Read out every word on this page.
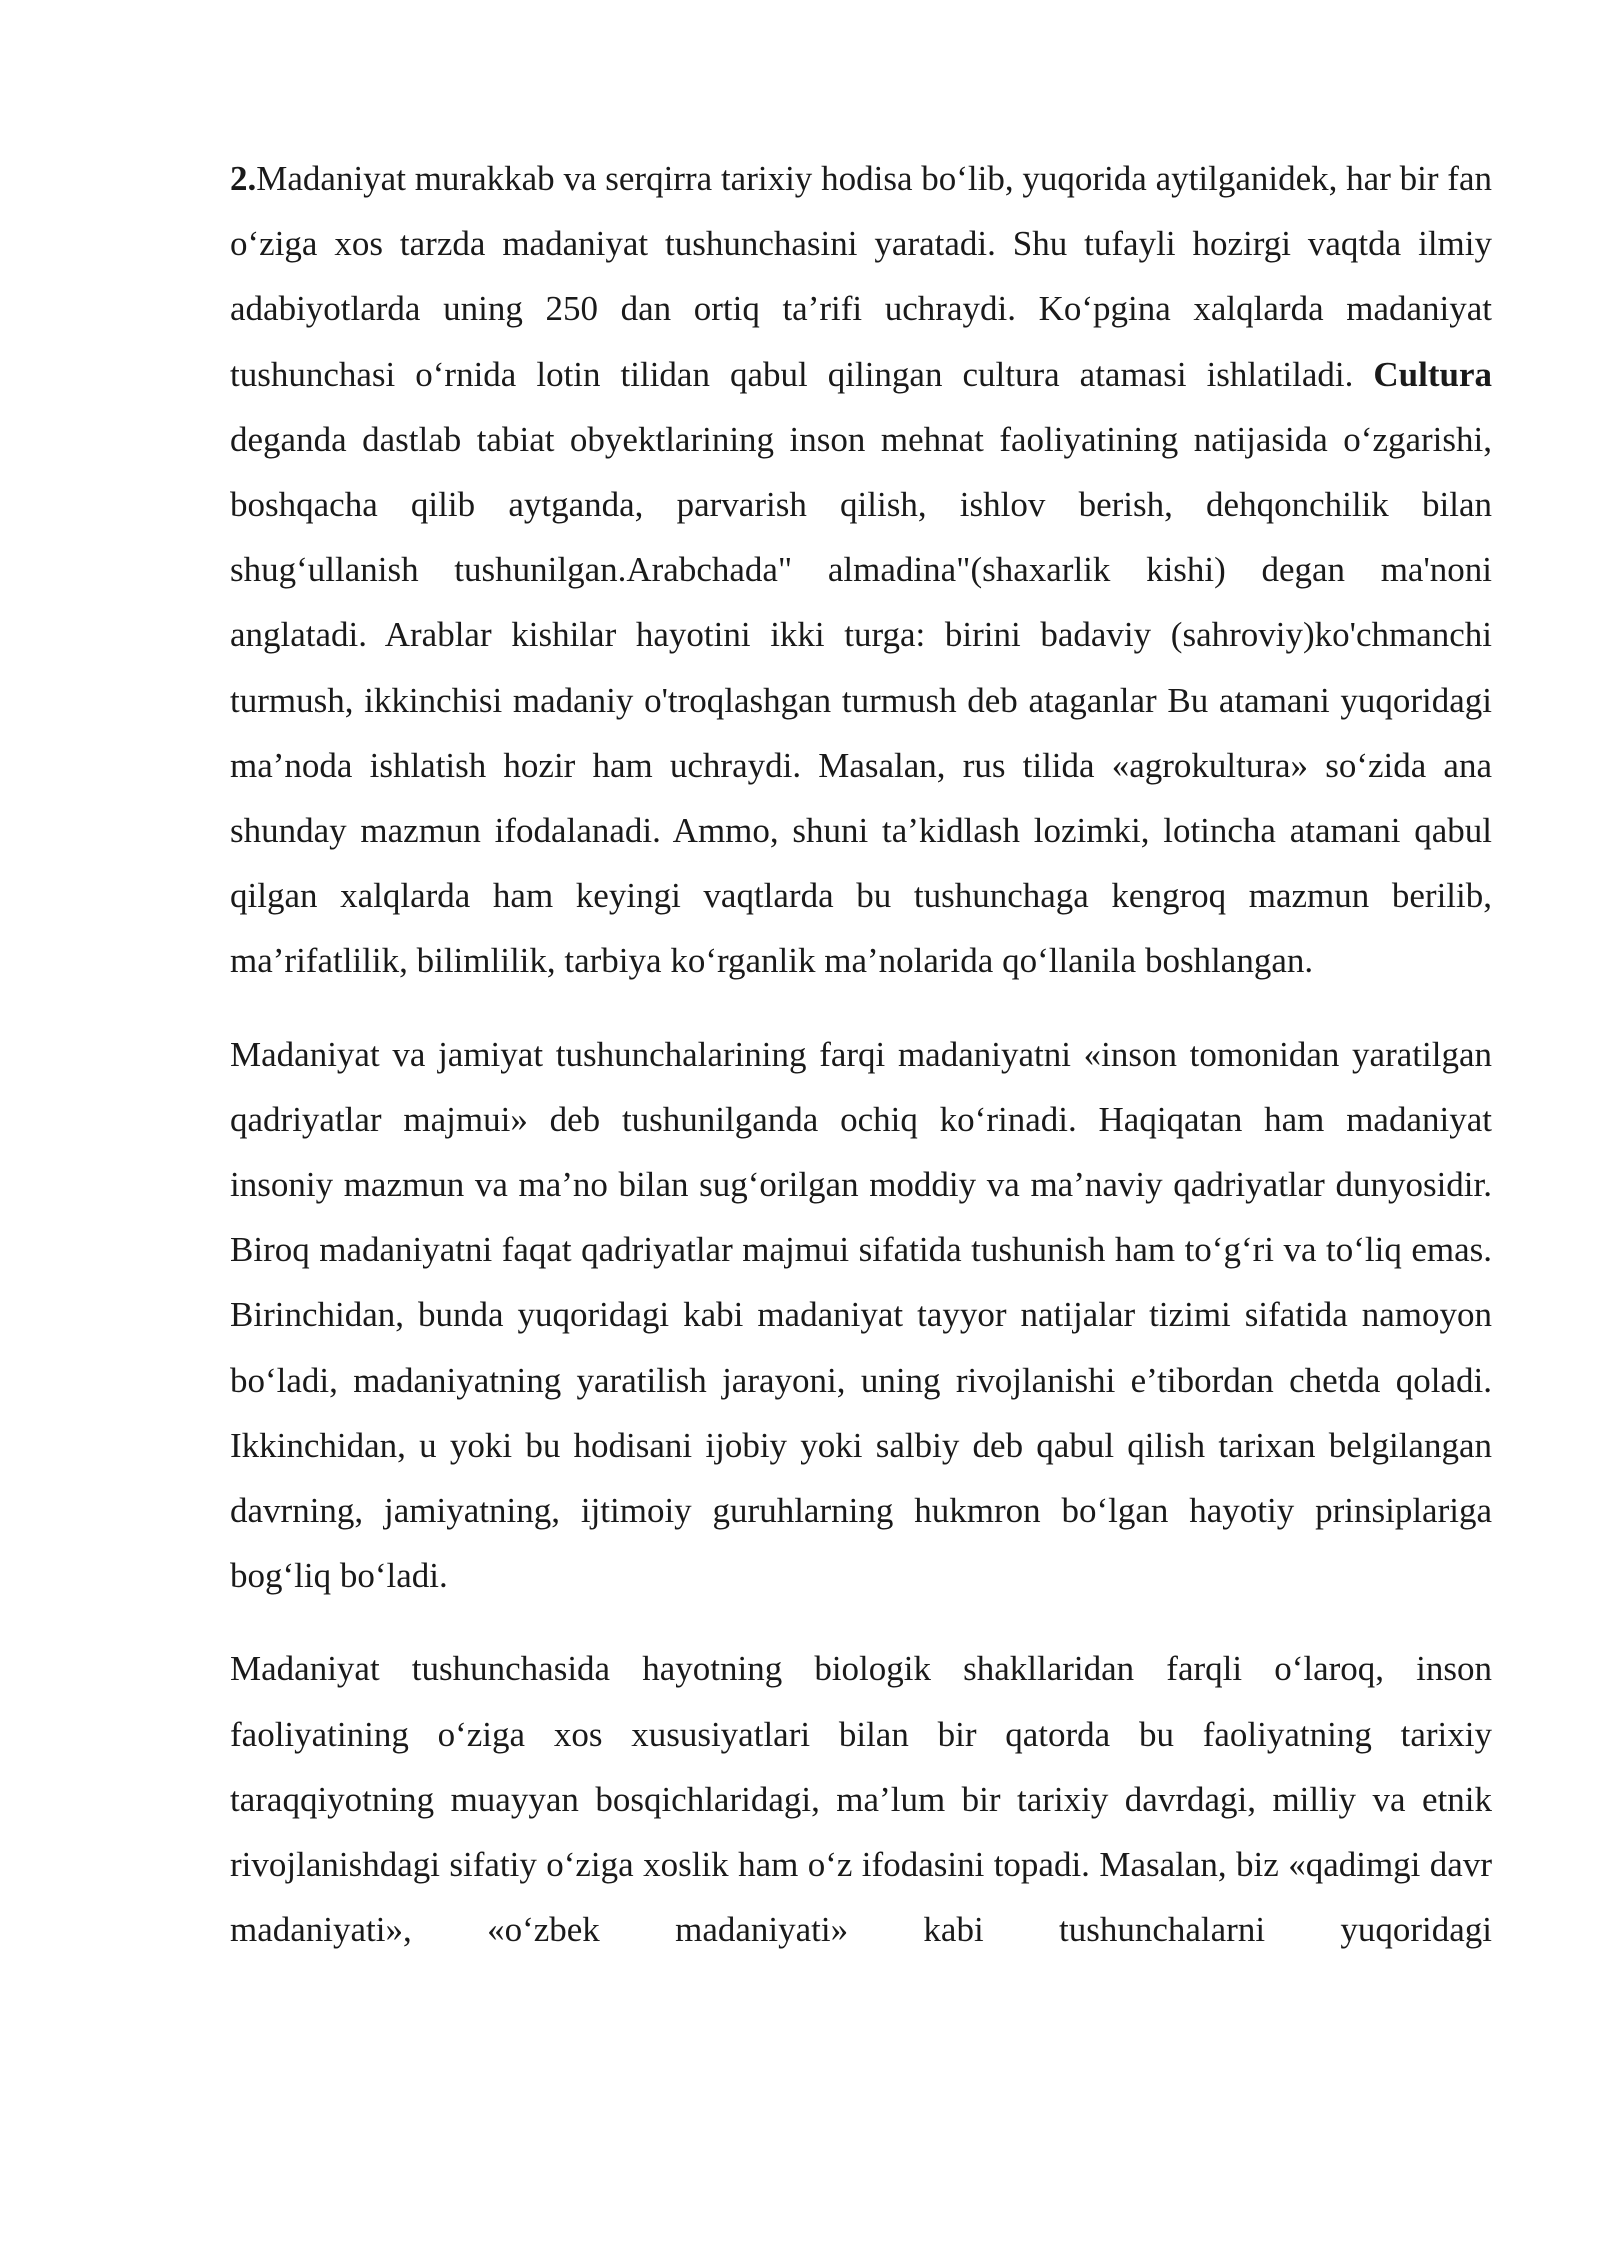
2.Madaniyat murakkab va serqirra tarixiy hodisa bo‘lib, yuqorida aytilganidek, har bir fan o‘ziga xos tarzda madaniyat tushunchasini yaratadi. Shu tufayli hozirgi vaqtda ilmiy adabiyotlarda uning 250 dan ortiq ta’rifi uchraydi. Ko‘pgina xalqlarda madaniyat tushunchasi o‘rnida lotin tilidan qabul qilingan cultura atamasi ishlatiladi. Cultura deganda dastlab tabiat obyektlarining inson mehnat faoliyatining natijasida o‘zgarishi, boshqacha qilib aytganda, parvarish qilish, ishlov berish, dehqonchilik bilan shug‘ullanish tushunilgan.Arabchada" almadina"(shaxarlik kishi) degan ma'noni anglatadi. Arablar kishilar hayotini ikki turga: birini badaviy (sahroviy)ko'chmanchi turmush, ikkinchisi madaniy o'troqlashgan turmush deb ataganlar Bu atamani yuqoridagi ma’noda ishlatish hozir ham uchraydi. Masalan, rus tilida «agrokultura» so‘zida ana shunday mazmun ifodalanadi. Ammo, shuni ta’kidlash lozimki, lotincha atamani qabul qilgan xalqlarda ham keyingi vaqtlarda bu tushunchaga kengroq mazmun berilib, ma’rifatlilik, bilimlilik, tarbiya ko‘rganlik ma’nolarida qo‘llanila boshlangan.

Madaniyat va jamiyat tushunchalarining farqi madaniyatni «inson tomonidan yaratilgan qadriyatlar majmui» deb tushunilganda ochiq ko‘rinadi. Haqiqatan ham madaniyat insoniy mazmun va ma’no bilan sug‘orilgan moddiy va ma’naviy qadriyatlar dunyosidir. Biroq madaniyatni faqat qadriyatlar majmui sifatida tushunish ham to‘g‘ri va to‘liq emas. Birinchidan, bunda yuqoridagi kabi madaniyat tayyor natijalar tizimi sifatida namoyon bo‘ladi, madaniyatning yaratilish jarayoni, uning rivojlanishi e’tibordan chetda qoladi. Ikkinchidan, u yoki bu hodisani ijobiy yoki salbiy deb qabul qilish tarixan belgilangan davrning, jamiyatning, ijtimoiy guruhlarning hukmron bo‘lgan hayotiy prinsiplariga bog‘liq bo‘ladi.

Madaniyat tushunchasida hayotning biologik shakllaridan farqli o‘laroq, inson faoliyatining o‘ziga xos xususiyatlari bilan bir qatorda bu faoliyatning tarixiy taraqqiyotning muayyan bosqichlaridagi, ma’lum bir tarixiy davrdagi, milliy va etnik rivojlanishdagi sifatiy o‘ziga xoslik ham o‘z ifodasini topadi. Masalan, biz «qadimgi davr madaniyati», «o‘zbek madaniyati» kabi tushunchalarni yuqoridagi
